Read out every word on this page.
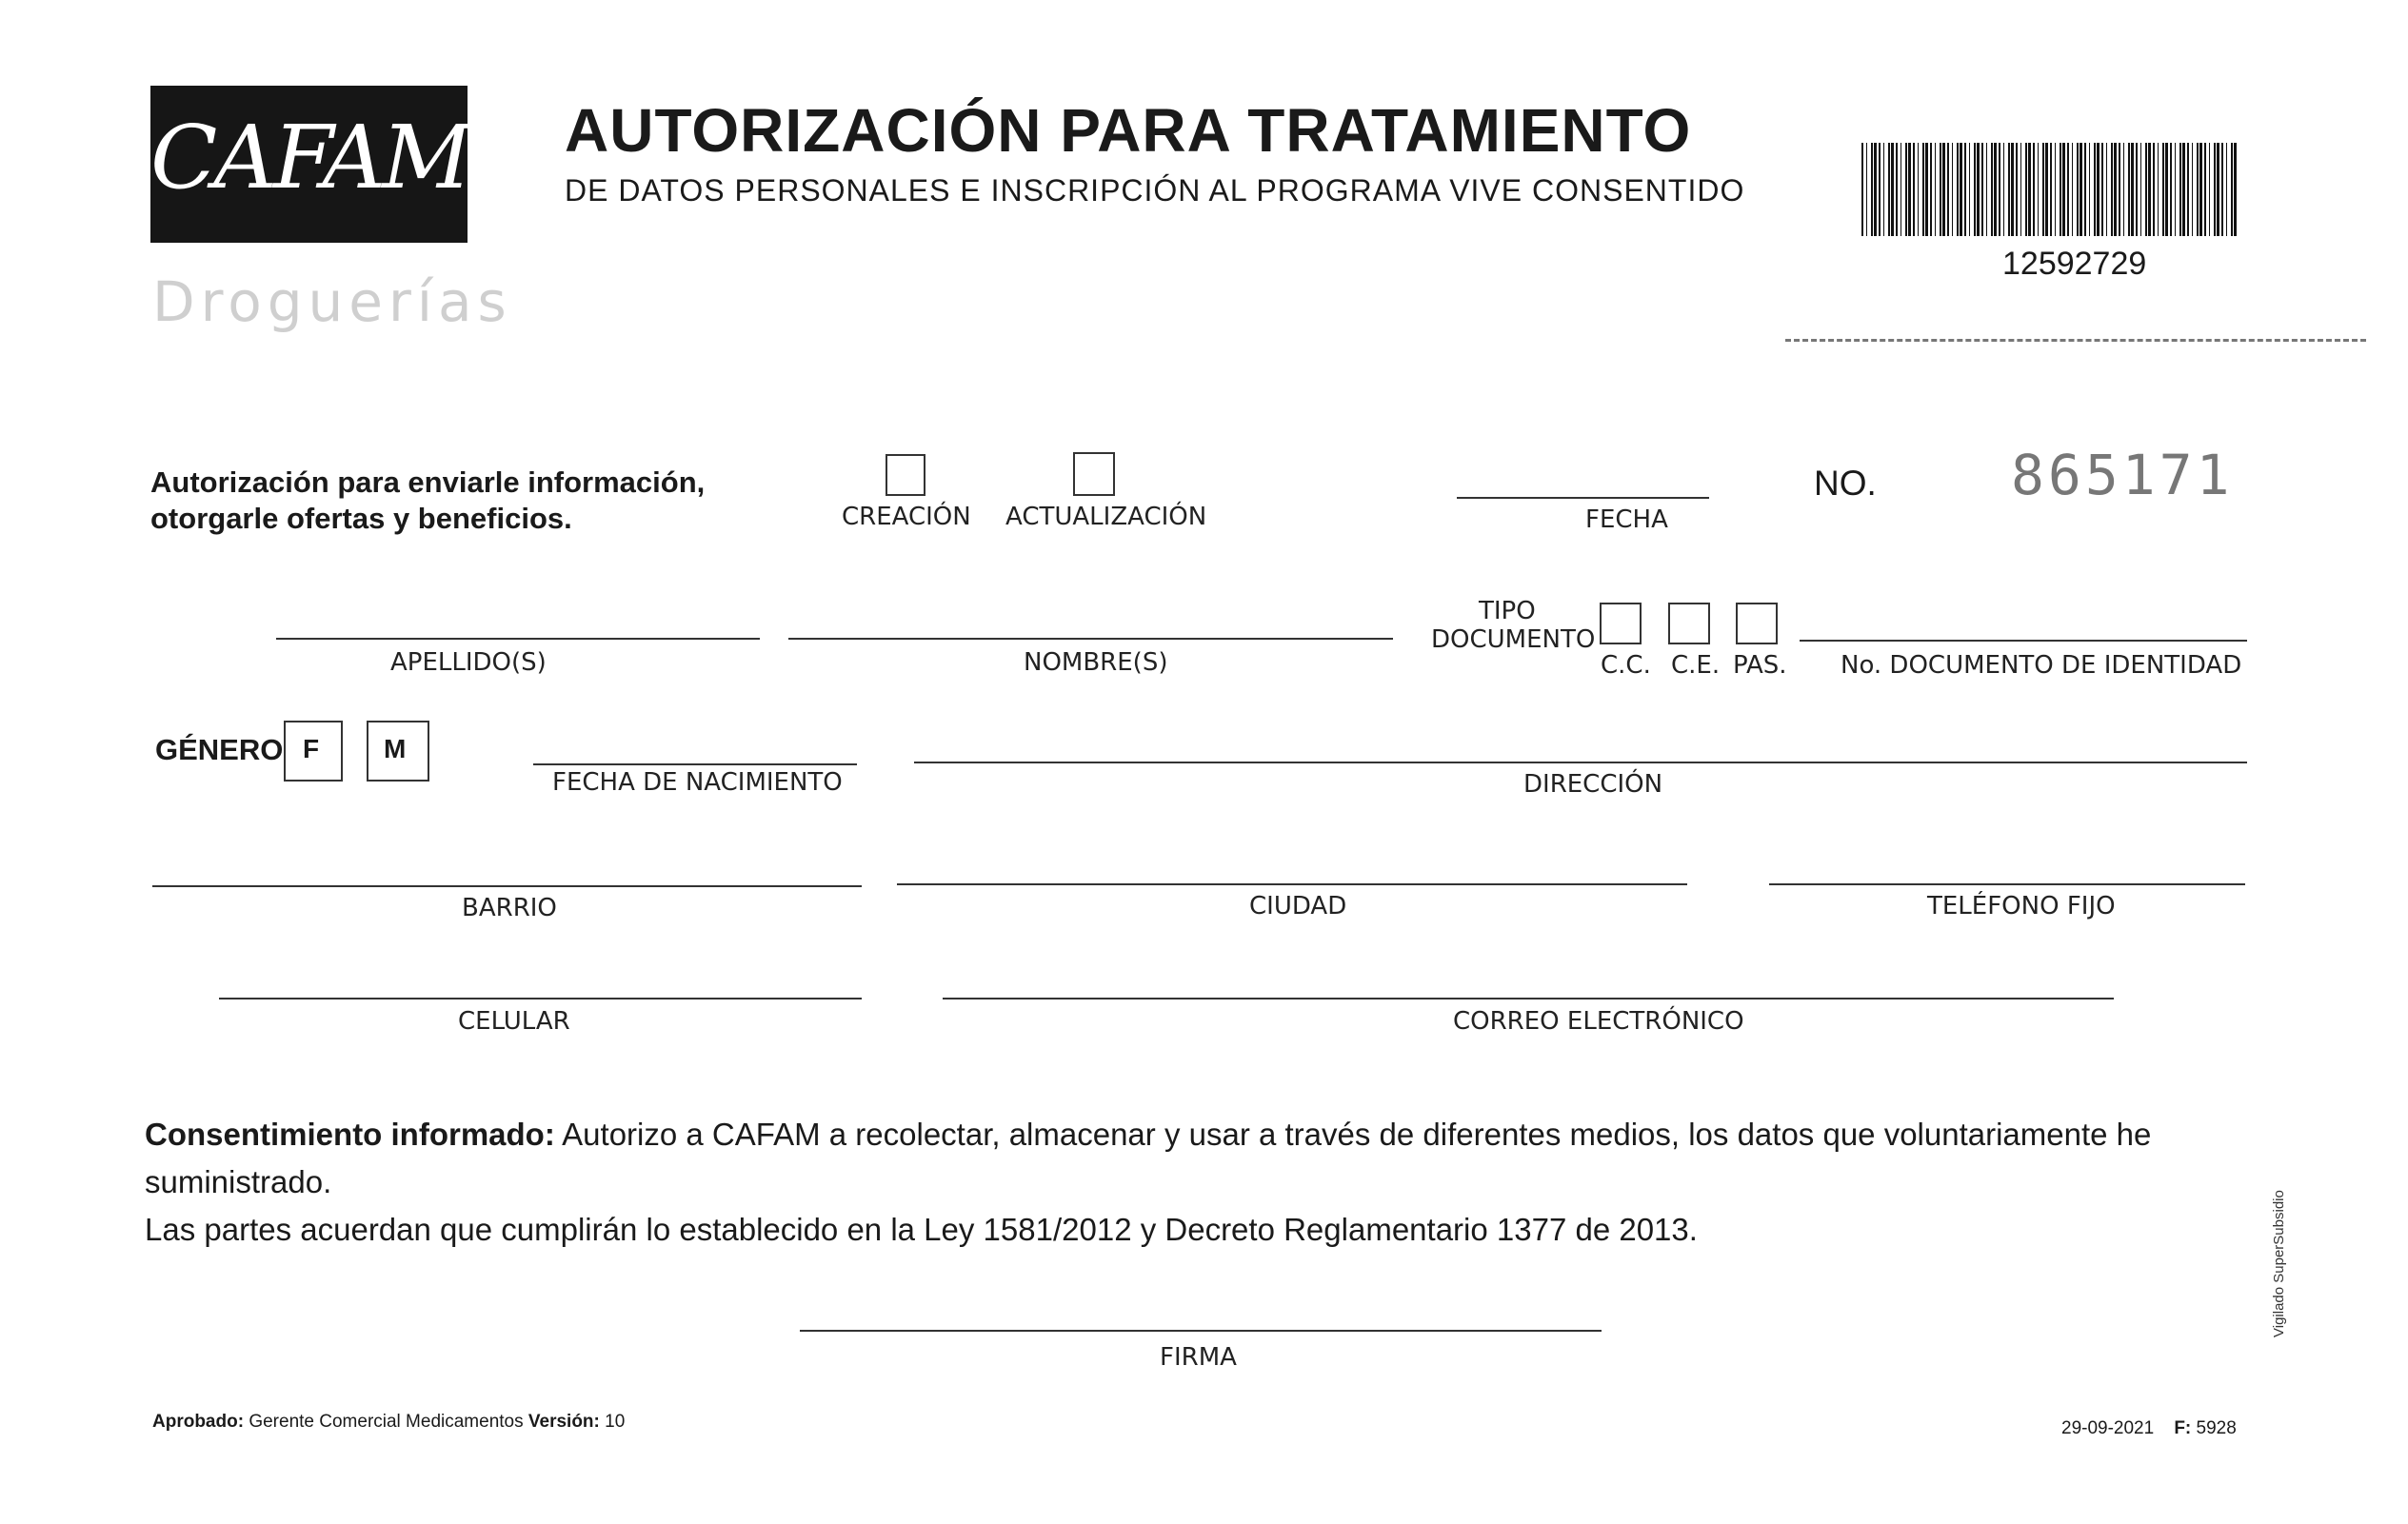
CAFAM
Droguerías
AUTORIZACIÓN PARA TRATAMIENTO
DE DATOS PERSONALES E INSCRIPCIÓN AL PROGRAMA VIVE CONSENTIDO
12592729
Autorización para enviarle información,
otorgarle ofertas y beneficios.	CREACIÓN ACTUALIZACIÓN	FECHA
NO. 865171
APELLIDO(S)	NOMBRE(S)
TIPO
DOCUMENTO
C.C. C.E. PAS. No. DOCUMENTO DE IDENTIDAD
GÉNERO F M
FECHA DE NACIMIENTO	DIRECCIÓN
BARRIO	CIUDAD	TELÉFONO FIJO
CELULAR	CORREO ELECTRÓNICO
Consentimiento informado: Autorizo a CAFAM a recolectar, almacenar y usar a través de diferentes medios, los datos que voluntariamente he suministrado.
Las partes acuerdan que cumplirán lo establecido en la Ley 1581/2012 y Decreto Reglamentario 1377 de 2013.
FIRMA
Aprobado: Gerente Comercial Medicamentos Versión: 10	29-09-2021 F: 5928
Vigilado SuperSubsidio
